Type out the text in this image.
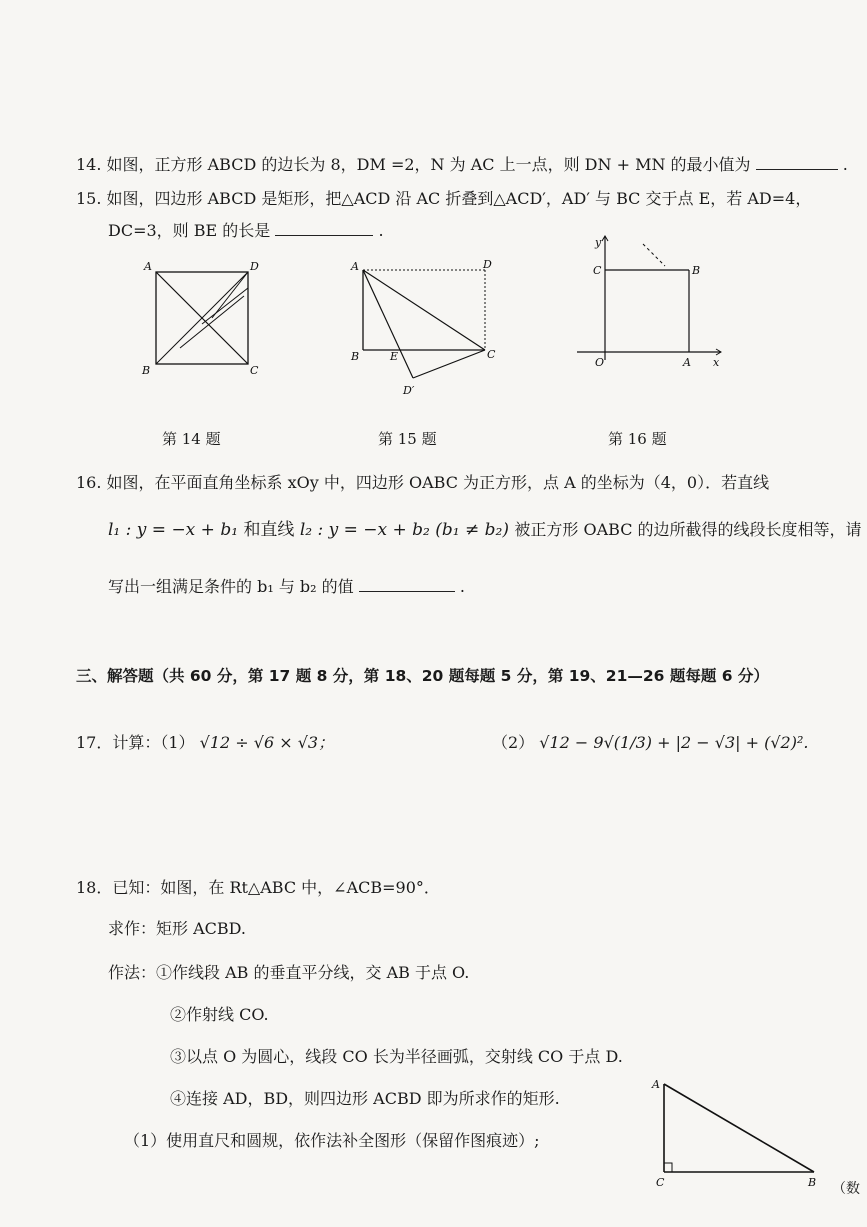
14. 如图，正方形 ABCD 的边长为 8，DM =2，N 为 AC 上一点，则 DN + MN 的最小值为	.
15. 如图，四边形 ABCD 是矩形，把△ACD 沿 AC 折叠到△ACD′，AD′ 与 BC 交于点 E，若 AD=4，
DC=3，则 BE 的长是	.
A	D
B	C
第 14 题
A	D
B	E	C
D′
第 15 题
y
C	B
O	A x
第 16 题
16. 如图，在平面直角坐标系 xOy 中，四边形 OABC 为正方形，点 A 的坐标为（4，0）．若直线
l₁ : y = −x + b₁ 和直线 l₂ : y = −x + b₂ (b₁ ≠ b₂) 被正方形 OABC 的边所截得的线段长度相等，请
写出一组满足条件的 b₁ 与 b₂ 的值	.
三、解答题（共 60 分，第 17 题 8 分，第 18、20 题每题 5 分，第 19、21—26 题每题 6 分）
17．计算：（1） √12 ÷ √6 × √3；	（2） √12 − 9√(1/3) + |2 − √3| + (√2)².
18．已知：如图，在 Rt△ABC 中，∠ACB=90°．
求作：矩形 ACBD.
作法：①作线段 AB 的垂直平分线，交 AB 于点 O.
②作射线 CO.
③以点 O 为圆心，线段 CO 长为半径画弧，交射线 CO 于点 D.
④连接 AD，BD，则四边形 ACBD 即为所求作的矩形.
（1）使用直尺和圆规，依作法补全图形（保留作图痕迹）;
A
C	B （数
